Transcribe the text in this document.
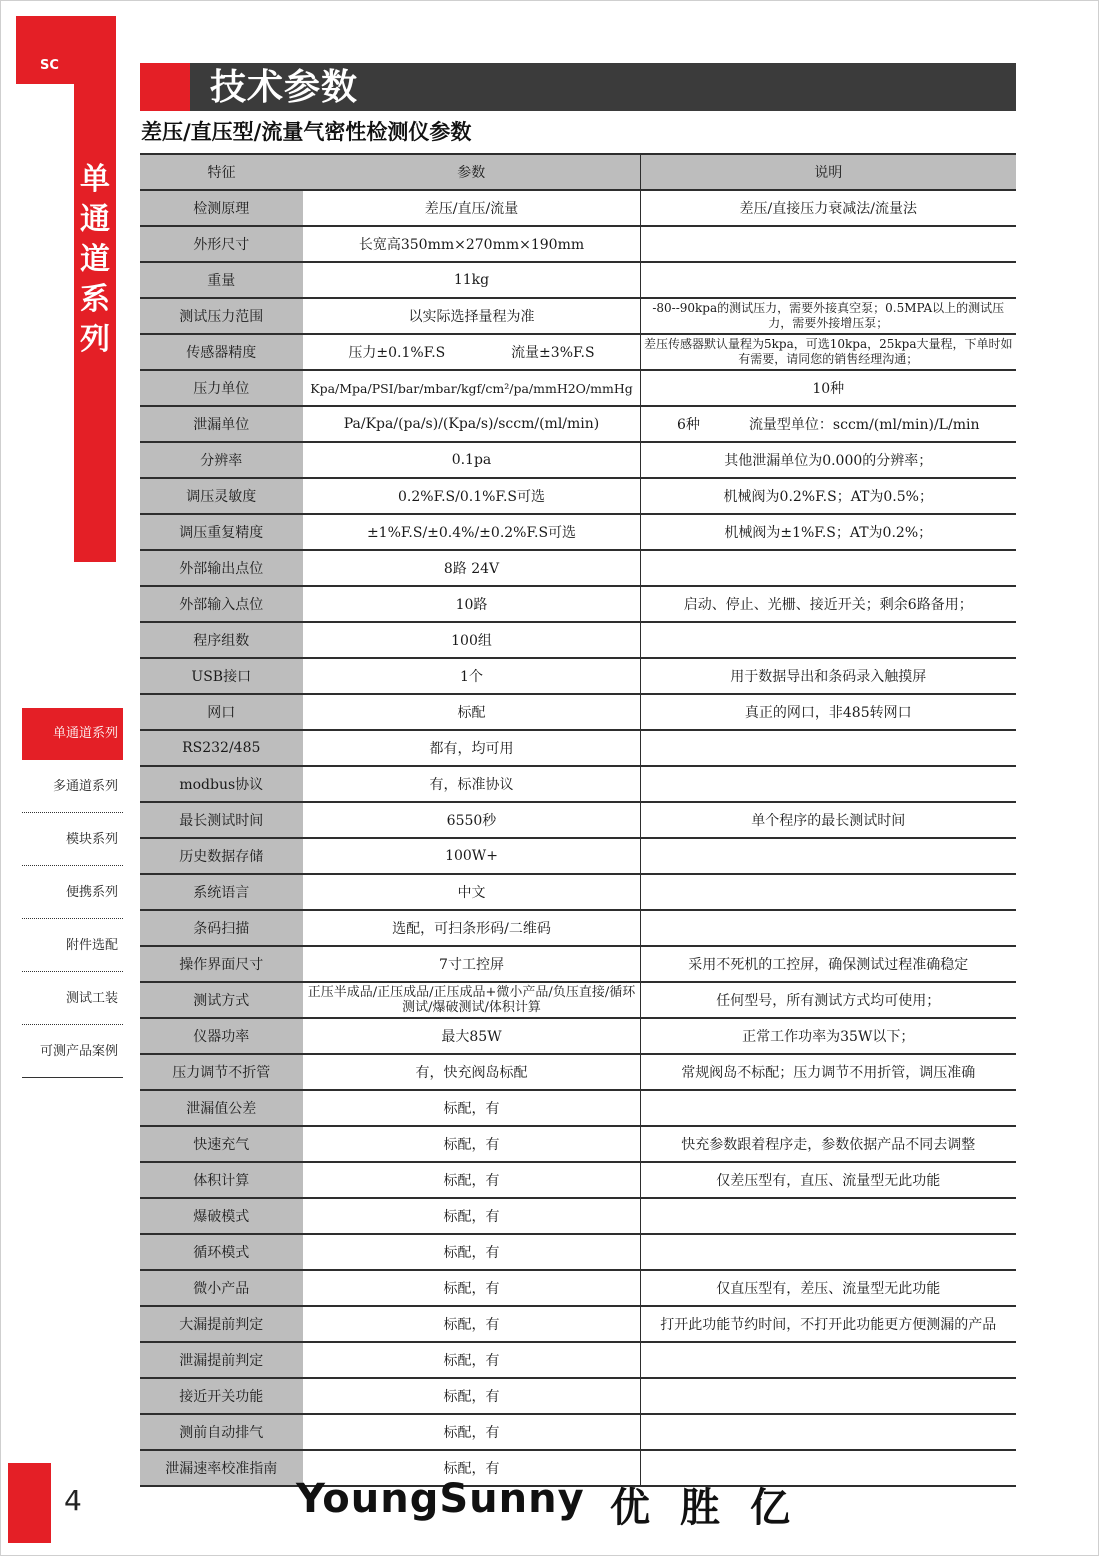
SC
单
通
道
系
列
单通道系列
多通道系列
模块系列
便携系列
附件选配
测试工装
可测产品案例
技术参数
差压/直压型/流量气密性检测仪参数
特征	参数	说明
检测原理	差压/直压/流量	差压/直接压力衰减法/流量法
外形尺寸	长宽高350mm×270mm×190mm	
重量	11kg	
测试压力范围	以实际选择量程为准	-80--90kpa的测试压力，需要外接真空泵；0.5MPA以上的测试压力，需要外接增压泵；
传感器精度	压力±0.1%F.S 流量±3%F.S	差压传感器默认量程为5kpa，可选10kpa，25kpa大量程，下单时如有需要，请同您的销售经理沟通；
压力单位	Kpa/Mpa/PSI/bar/mbar/kgf/cm²/pa/mmH2O/mmHg	10种
泄漏单位	Pa/Kpa/(pa/s)/(Kpa/s)/sccm/(ml/min)	6种 流量型单位：sccm/(ml/min)/L/min

分辨率	0.1pa	其他泄漏单位为0.000的分辨率；
调压灵敏度	0.2%F.S/0.1%F.S可选	机械阀为0.2%F.S；AT为0.5%；
调压重复精度	±1%F.S/±0.4%/±0.2%F.S可选	机械阀为±1%F.S；AT为0.2%；
外部输出点位	8路 24V	
外部输入点位	10路	启动、停止、光栅、接近开关；剩余6路备用；
程序组数	100组	
USB接口	1个	用于数据导出和条码录入触摸屏
网口	标配	真正的网口，非485转网口
RS232/485	都有，均可用	
modbus协议	有，标准协议	
最长测试时间	6550秒	单个程序的最长测试时间
历史数据存储	100W+	
系统语言	中文	
条码扫描	选配，可扫条形码/二维码	
操作界面尺寸	7寸工控屏	采用不死机的工控屏，确保测试过程准确稳定
测试方式	正压半成品/正压成品/正压成品+微小产品/负压直接/循环测试/爆破测试/体积计算	任何型号，所有测试方式均可使用；
仪器功率	最大85W	正常工作功率为35W以下；
压力调节不折管	有，快充阀岛标配	常规阀岛不标配；压力调节不用折管，调压准确
泄漏值公差	标配，有	
快速充气	标配，有	快充参数跟着程序走，参数依据产品不同去调整
体积计算	标配，有	仅差压型有，直压、流量型无此功能
爆破模式	标配，有	
循环模式	标配，有	
微小产品	标配，有	仅直压型有，差压、流量型无此功能
大漏提前判定	标配，有	打开此功能节约时间，不打开此功能更方便测漏的产品
泄漏提前判定	标配，有	
接近开关功能	标配，有	
测前自动排气	标配，有	
泄漏速率校准指南	标配，有	
4	YoungSunny 优胜亿
